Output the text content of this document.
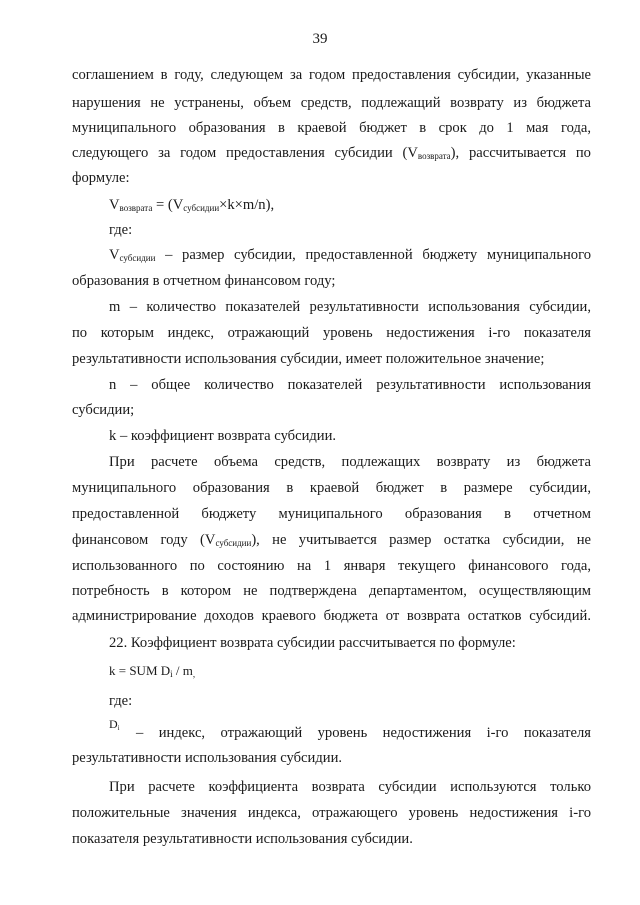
39
соглашением в году, следующем за годом предоставления субсидии, указанные
нарушения не устранены, объем средств, подлежащий возврату из бюджета
муниципального образования в краевой бюджет в срок до 1 мая года,
следующего за годом предоставления субсидии $(V_{возврата})$, рассчитывается по
формуле:
$V_{возврата} = (V_{субсидии}\times k\times m/n)$,
где:
$V_{субсидии}$ – размер субсидии, предоставленной бюджету муниципального
образования в отчетном финансовом году;
m – количество показателей результативности использования субсидии,
по которым индекс, отражающий уровень недостижения i-го показателя
результативности использования субсидии, имеет положительное значение;
n – общее количество показателей результативности использования
субсидии;
k – коэффициент возврата субсидии.
При расчете объема средств, подлежащих возврату из бюджета
муниципального образования в краевой бюджет в размере субсидии,
предоставленной бюджету муниципального образования в отчетном
финансовом году $(V_{субсидии})$, не учитывается размер остатка субсидии, не
использованного по состоянию на 1 января текущего финансового года,
потребность в котором не подтверждена департаментом, осуществляющим
администрирование доходов краевого бюджета от возврата остатков субсидий.
22. Коэффициент возврата субсидии рассчитывается по формуле:
k = SUM $D_i / m_,$
где:
Di – индекс, отражающий уровень недостижения i-го показателя
результативности использования субсидии.
При расчете коэффициента возврата субсидии используются только
положительные значения индекса, отражающего уровень недостижения i-го
показателя результативности использования субсидии.
